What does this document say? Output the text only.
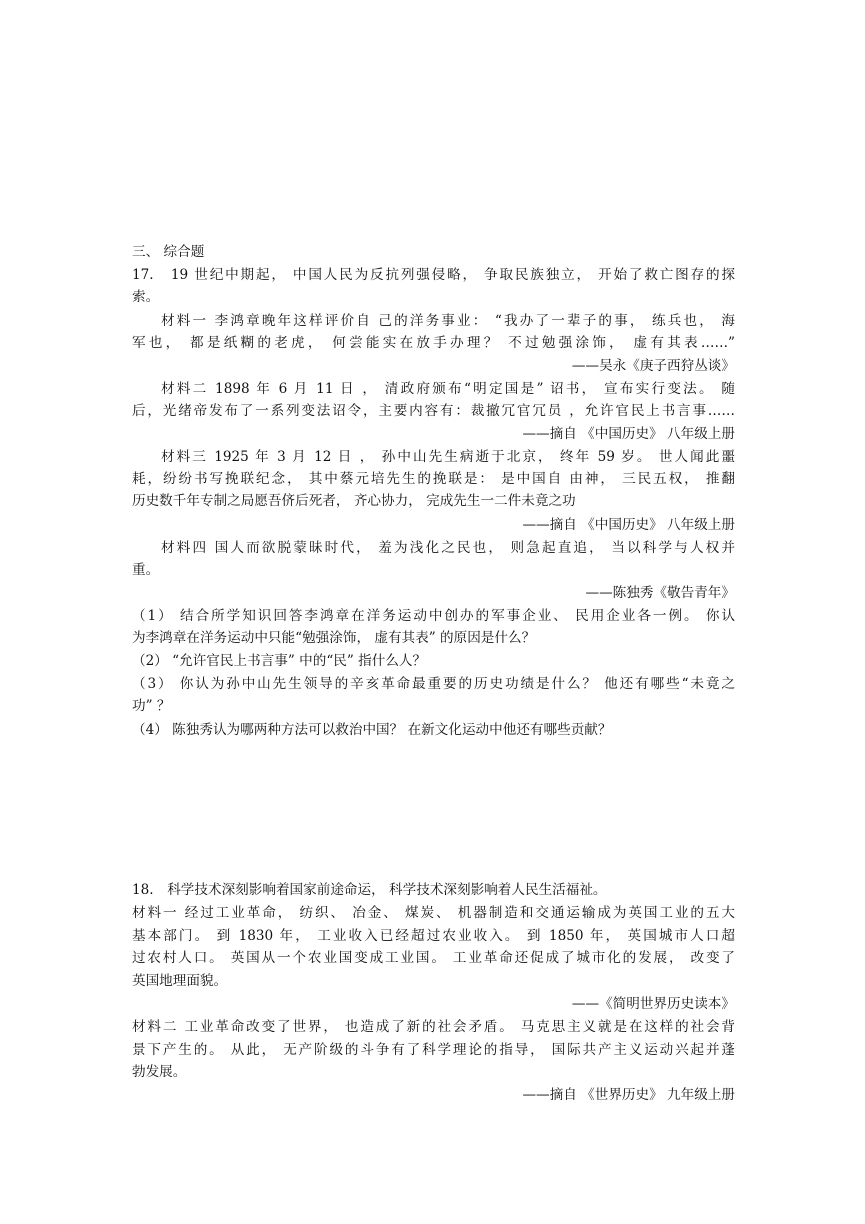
三、 综合题
17.　19 世纪中期起， 中国人民为反抗列强侵略， 争取民族独立， 开始了救亡图存的探
索。
材料一 李鸿章晚年这样评价自 己的洋务事业： “我办了一辈子的事， 练兵也， 海
军也， 都是纸糊的老虎， 何尝能实在放手办理？ 不过勉强涂饰， 虚有其表……”
——吴永《庚子西狩丛谈》
材料二 1898 年 6 月 11 日 ， 清政府颁布“明定国是” 诏书， 宣布实行变法。 随
后，光绪帝发布了一系列变法诏令，主要内容有：裁撤冗官冗员 ，允许官民上书言事……
——摘自 《中国历史》 八年级上册
材料三 1925 年 3 月 12 日 ， 孙中山先生病逝于北京， 终年 59 岁。 世人闻此噩
耗，纷纷书写挽联纪念， 其中蔡元培先生的挽联是： 是中国自 由神， 三民五权， 推翻
历史数千年专制之局愿吾侪后死者， 齐心协力， 完成先生一二件未竟之功
——摘自 《中国历史》 八年级上册
材料四 国人而欲脱蒙昧时代， 羞为浅化之民也， 则急起直追， 当以科学与人权并
重。
——陈独秀《敬告青年》
（1） 结合所学知识回答李鸿章在洋务运动中创办的军事企业、 民用企业各一例。 你认
为李鸿章在洋务运动中只能“勉强涂饰， 虚有其表” 的原因是什么？
（2） “允许官民上书言事” 中的“民” 指什么人？
（3） 你认为孙中山先生领导的辛亥革命最重要的历史功绩是什么？ 他还有哪些“未竟之
功” ？
（4） 陈独秀认为哪两种方法可以救治中国？ 在新文化运动中他还有哪些贡献？
18.　科学技术深刻影响着国家前途命运， 科学技术深刻影响着人民生活福祉。
材料一 经过工业革命， 纺织、 冶金、 煤炭、 机器制造和交通运输成为英国工业的五大
基本部门。 到 1830 年， 工业收入已经超过农业收入。 到 1850 年， 英国城市人口超
过农村人口。 英国从一个农业国变成工业国。 工业革命还促成了城市化的发展， 改变了
英国地理面貌。
——《简明世界历史读本》
材料二 工业革命改变了世界， 也造成了新的社会矛盾。 马克思主义就是在这样的社会背
景下产生的。 从此， 无产阶级的斗争有了科学理论的指导， 国际共产主义运动兴起并蓬
勃发展。
——摘自 《世界历史》 九年级上册
